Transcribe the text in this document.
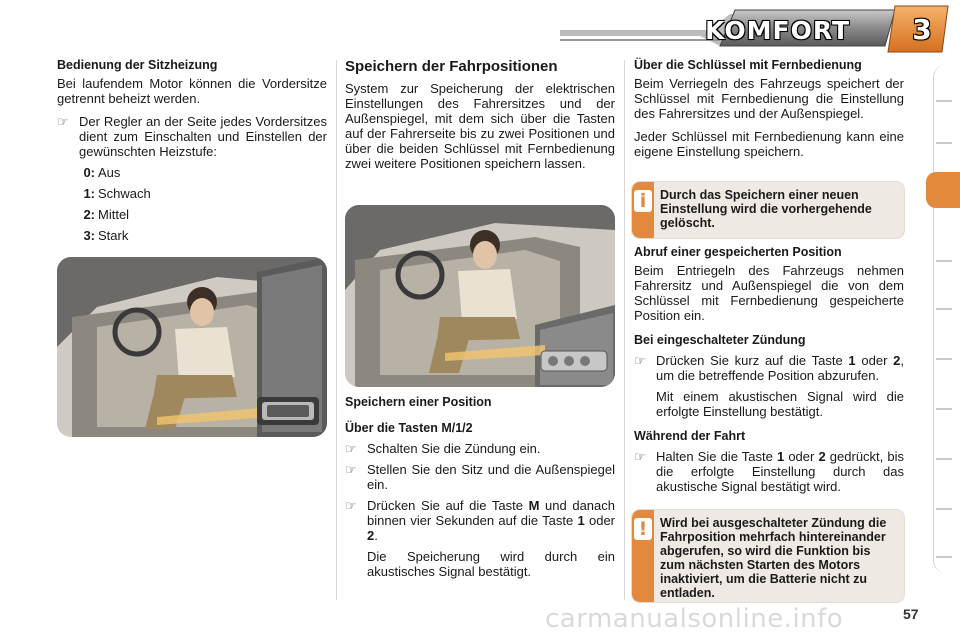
KOMFORT	3
Bedienung der Sitzheizung

Bei laufendem Motor können die Vordersitze getrennt beheizt werden.

☞ Der Regler an der Seite jedes Vordersitzes dient zum Einschalten und Einstellen der gewünschten Heizstufe:
0: Aus
1: Schwach
2: Mittel
3: Stark
Speichern der Fahrpositionen

System zur Speicherung der elektrischen Einstellungen des Fahrersitzes und der Außenspiegel, mit dem sich über die Tasten auf der Fahrerseite bis zu zwei Positionen und über die beiden Schlüssel mit Fernbedienung zwei weitere Positionen speichern lassen.

Speichern einer Position
Über die Tasten M/1/2
☞ Schalten Sie die Zündung ein.
☞ Stellen Sie den Sitz und die Außenspiegel ein.
☞ Drücken Sie auf die Taste M und danach binnen vier Sekunden auf die Taste 1 oder 2.

Die Speicherung wird durch ein akustisches Signal bestätigt.

Über die Schlüssel mit Fernbedienung

Beim Verriegeln des Fahrzeugs speichert der Schlüssel mit Fernbedienung die Einstellung des Fahrersitzes und der Außenspiegel.

Jeder Schlüssel mit Fernbedienung kann eine eigene Einstellung speichern.

i	Durch das Speichern einer neuen Einstellung wird die vorhergehende gelöscht.
Abruf einer gespeicherten Position

Beim Entriegeln des Fahrzeugs nehmen Fahrersitz und Außenspiegel die von dem Schlüssel mit Fernbedienung gespeicherte Position ein.

Bei eingeschalteter Zündung
☞ Drücken Sie kurz auf die Taste 1 oder 2, um die betreffende Position abzurufen.

Mit einem akustischen Signal wird die erfolgte Einstellung bestätigt.

Während der Fahrt
☞ Halten Sie die Taste 1 oder 2 gedrückt, bis die erfolgte Einstellung durch das akustische Signal bestätigt wird.
!	Wird bei ausgeschalteter Zündung die Fahrposition mehrfach hintereinander abgerufen, so wird die Funktion bis zum nächsten Starten des Motors inaktiviert, um die Batterie nicht zu entladen.
carmanualsonline.info	57
